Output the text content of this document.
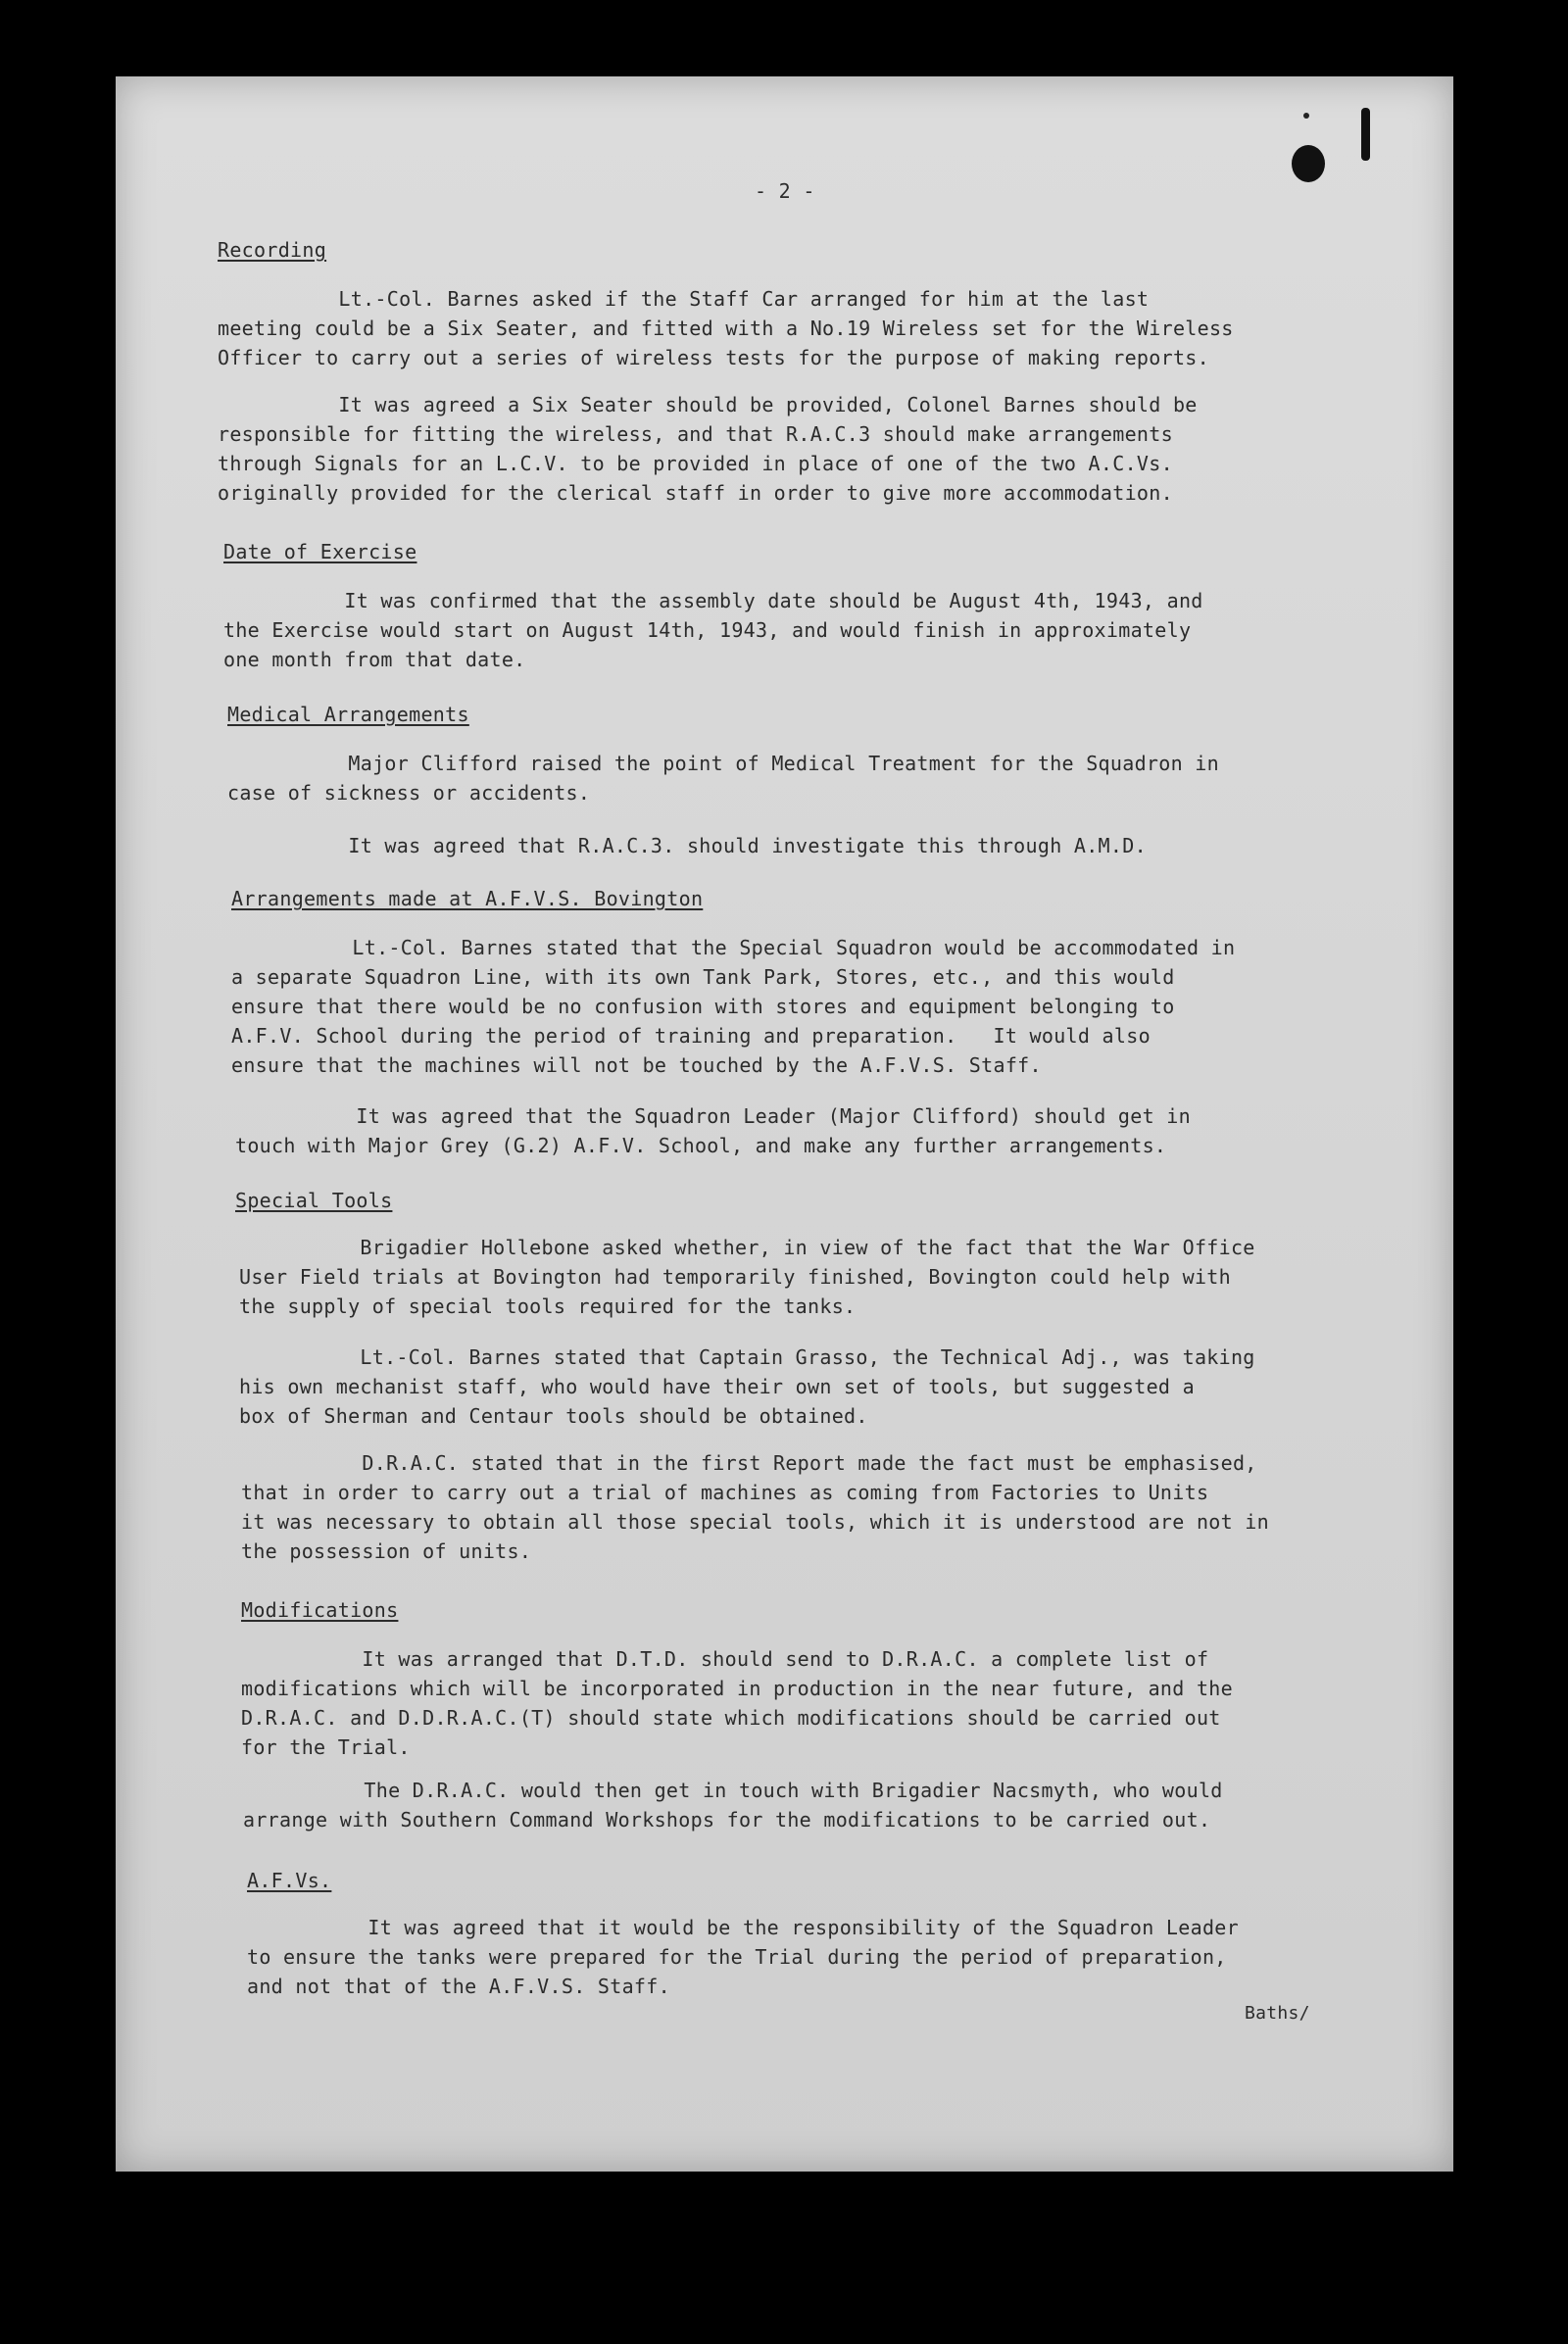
- 2 -
Recording
Lt.-Col. Barnes asked if the Staff Car arranged for him at the last
meeting could be a Six Seater, and fitted with a No.19 Wireless set for the Wireless
Officer to carry out a series of wireless tests for the purpose of making reports.
It was agreed a Six Seater should be provided, Colonel Barnes should be
responsible for fitting the wireless, and that R.A.C.3 should make arrangements
through Signals for an L.C.V. to be provided in place of one of the two A.C.Vs.
originally provided for the clerical staff in order to give more accommodation.
Date of Exercise
It was confirmed that the assembly date should be August 4th, 1943, and
the Exercise would start on August 14th, 1943, and would finish in approximately
one month from that date.
Medical Arrangements
Major Clifford raised the point of Medical Treatment for the Squadron in
case of sickness or accidents.
It was agreed that R.A.C.3. should investigate this through A.M.D.
Arrangements made at A.F.V.S. Bovington
Lt.-Col. Barnes stated that the Special Squadron would be accommodated in
a separate Squadron Line, with its own Tank Park, Stores, etc., and this would
ensure that there would be no confusion with stores and equipment belonging to
A.F.V. School during the period of training and preparation.   It would also
ensure that the machines will not be touched by the A.F.V.S. Staff.
It was agreed that the Squadron Leader (Major Clifford) should get in
touch with Major Grey (G.2) A.F.V. School, and make any further arrangements.
Special Tools
Brigadier Hollebone asked whether, in view of the fact that the War Office
User Field trials at Bovington had temporarily finished, Bovington could help with
the supply of special tools required for the tanks.
Lt.-Col. Barnes stated that Captain Grasso, the Technical Adj., was taking
his own mechanist staff, who would have their own set of tools, but suggested a
box of Sherman and Centaur tools should be obtained.
D.R.A.C. stated that in the first Report made the fact must be emphasised,
that in order to carry out a trial of machines as coming from Factories to Units
it was necessary to obtain all those special tools, which it is understood are not in
the possession of units.
Modifications
It was arranged that D.T.D. should send to D.R.A.C. a complete list of
modifications which will be incorporated in production in the near future, and the
D.R.A.C. and D.D.R.A.C.(T) should state which modifications should be carried out
for the Trial.
The D.R.A.C. would then get in touch with Brigadier Nacsmyth, who would
arrange with Southern Command Workshops for the modifications to be carried out.
A.F.Vs.
It was agreed that it would be the responsibility of the Squadron Leader
to ensure the tanks were prepared for the Trial during the period of preparation,
and not that of the A.F.V.S. Staff.
Baths/
